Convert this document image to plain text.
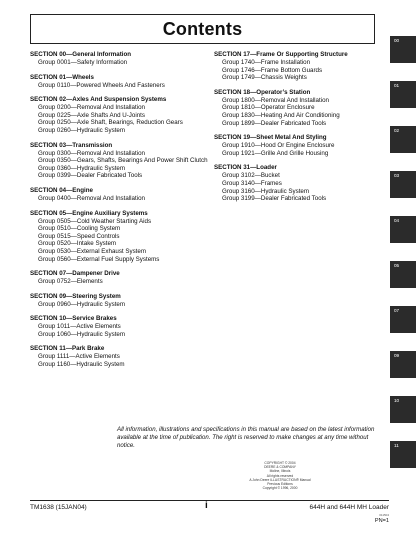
Contents
SECTION 00—General Information
Group 0001—Safety Information
SECTION 01—Wheels
Group 0110—Powered Wheels And Fasteners
SECTION 02—Axles And Suspension Systems
Group 0200—Removal And Installation
Group 0225—Axle Shafts And U-Joints
Group 0250—Axle Shaft, Bearings, Reduction Gears
Group 0260—Hydraulic System
SECTION 03—Transmission
Group 0300—Removal And Installation
Group 0350—Gears, Shafts, Bearings And Power Shift Clutch
Group 0360—Hydraulic System
Group 0399—Dealer Fabricated Tools
SECTION 04—Engine
Group 0400—Removal And Installation
SECTION 05—Engine Auxiliary Systems
Group 0505—Cold Weather Starting Aids
Group 0510—Cooling System
Group 0515—Speed Controls
Group 0520—Intake System
Group 0530—External Exhaust System
Group 0560—External Fuel Supply Systems
SECTION 07—Dampener Drive
Group 0752—Elements
SECTION 09—Steering System
Group 0960—Hydraulic System
SECTION 10—Service Brakes
Group 1011—Active Elements
Group 1060—Hydraulic System
SECTION 11—Park Brake
Group 1111—Active Elements
Group 1160—Hydraulic System
SECTION 17—Frame Or Supporting Structure
Group 1740—Frame Installation
Group 1746—Frame Bottom Guards
Group 1749—Chassis Weights
SECTION 18—Operator’s Station
Group 1800—Removal And Installation
Group 1810—Operator Enclosure
Group 1830—Heating And Air Conditioning
Group 1899—Dealer Fabricated Tools
SECTION 19—Sheet Metal And Styling
Group 1910—Hood Or Engine Enclosure
Group 1921—Grille And Grille Housing
SECTION 31—Loader
Group 3102—Bucket
Group 3140—Frames
Group 3160—Hydraulic System
Group 3199—Dealer Fabricated Tools
00
01
02
03
04
05
07
09
10
11
All information, illustrations and specifications in this manual are based on the latest information available at the time of publication. The right is reserved to make changes at any time without notice.
COPYRIGHT © 2004
DEERE & COMPANY
Moline, Illinois
All rights reserved
A John Deere ILLUSTRUCTION® Manual
Previous Editions
Copyright © 1996, 2000
TM1638 (15JAN04)	i	644H and 644H MH Loader
011504
PN=1
